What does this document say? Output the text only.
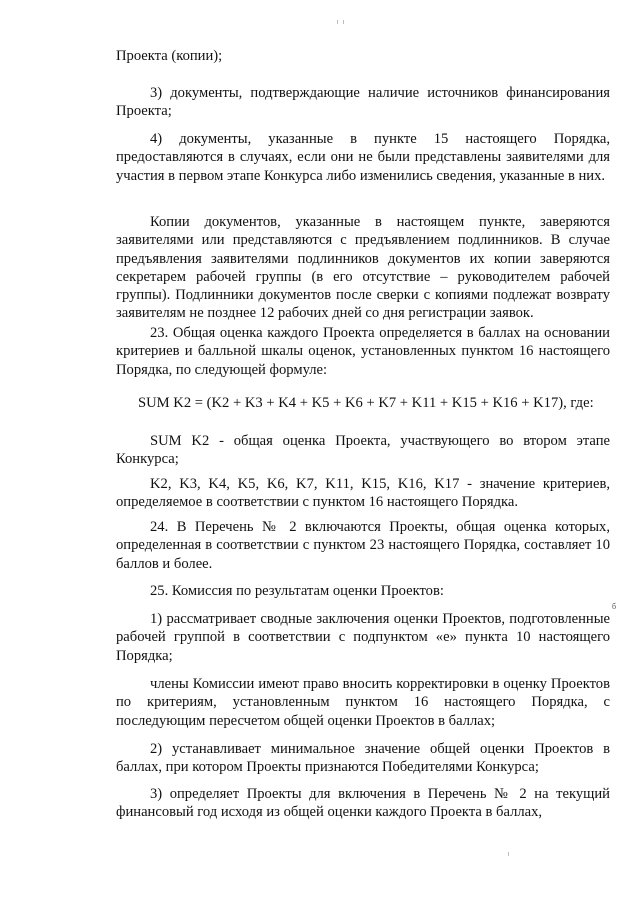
Проекта (копии);

3) документы, подтверждающие наличие источников финансирования Проекта;

4) документы, указанные в пункте 15 настоящего Порядка, предоставляются в случаях, если они не были представлены заявителями для участия в первом этапе Конкурса либо изменились сведения, указанные в них.

Копии документов, указанные в настоящем пункте, заверяются заявителями или представляются с предъявлением подлинников. В случае предъявления заявителями подлинников документов их копии заверяются секретарем рабочей группы (в его отсутствие – руководителем рабочей группы). Подлинники документов после сверки с копиями подлежат возврату заявителям не позднее 12 рабочих дней со дня регистрации заявок.

23. Общая оценка каждого Проекта определяется в баллах на основании критериев и балльной шкалы оценок, установленных пунктом 16 настоящего Порядка, по следующей формуле:

SUM K2 = (K2 + K3 + K4 + K5 + K6 + K7 + K11 + K15 + K16 + K17), где:

SUM K2 - общая оценка Проекта, участвующего во втором этапе Конкурса;

K2, K3, K4, K5, K6, K7, K11, K15, K16, K17 - значение критериев, определяемое в соответствии с пунктом 16 настоящего Порядка.

24. В Перечень № 2 включаются Проекты, общая оценка которых, определенная в соответствии с пунктом 23 настоящего Порядка, составляет 10 баллов и более.

25. Комиссия по результатам оценки Проектов:

1) рассматривает сводные заключения оценки Проектов, подготовленные рабочей группой в соответствии с подпунктом «е» пункта 10 настоящего Порядка;

члены Комиссии имеют право вносить корректировки в оценку Проектов по критериям, установленным пунктом 16 настоящего Порядка, с последующим пересчетом общей оценки Проектов в баллах;

2) устанавливает минимальное значение общей оценки Проектов в баллах, при котором Проекты признаются Победителями Конкурса;

3) определяет Проекты для включения в Перечень № 2 на текущий финансовый год исходя из общей оценки каждого Проекта в баллах,

б
